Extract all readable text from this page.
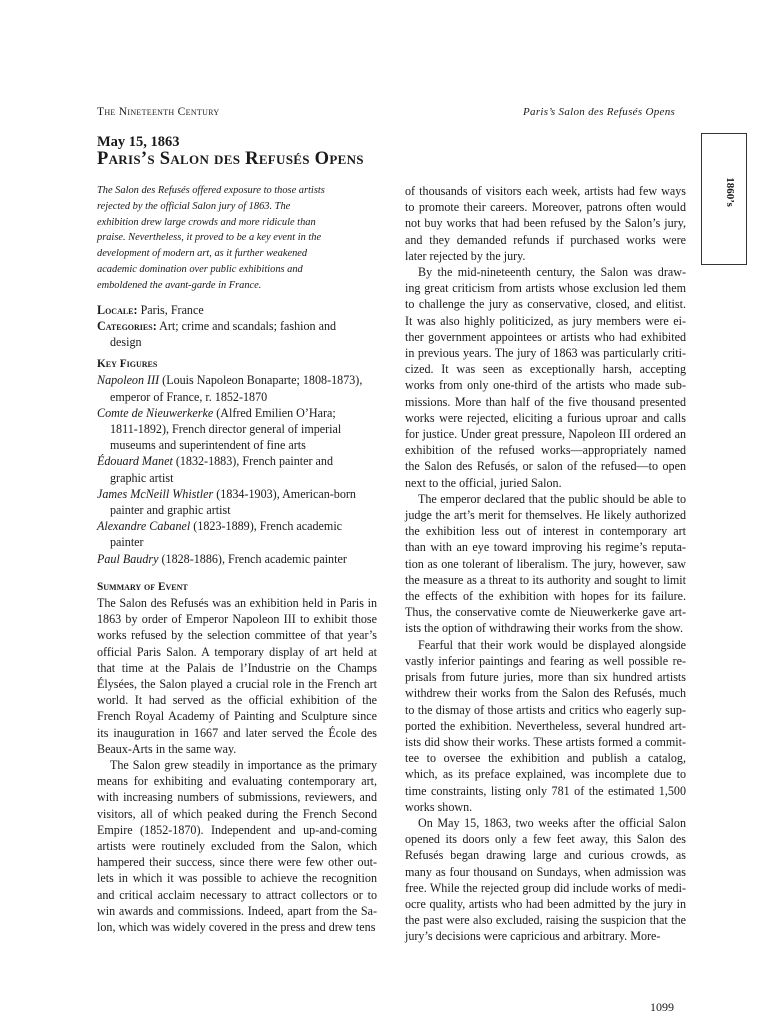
The Nineteenth Century	Paris’s Salon des Refusés Opens
1860’s
May 15, 1863
Paris’s Salon des Refusés Opens
The Salon des Refusés offered exposure to those artists
rejected by the official Salon jury of 1863. The
exhibition drew large crowds and more ridicule than
praise. Nevertheless, it proved to be a key event in the
development of modern art, as it further weakened
academic domination over public exhibitions and
emboldened the avant-garde in France.
Locale: Paris, France
Categories: Art; crime and scandals; fashion and
design
Key Figures
Napoleon III (Louis Napoleon Bonaparte; 1808-1873),
emperor of France, r. 1852-1870
Comte de Nieuwerkerke (Alfred Emilien O’Hara;
1811-1892), French director general of imperial
museums and superintendent of fine arts
Édouard Manet (1832-1883), French painter and
graphic artist
James McNeill Whistler (1834-1903), American-born
painter and graphic artist
Alexandre Cabanel (1823-1889), French academic
painter
Paul Baudry (1828-1886), French academic painter
Summary of Event
The Salon des Refusés was an exhibition held in Paris in
1863 by order of Emperor Napoleon III to exhibit those
works refused by the selection committee of that year’s
official Paris Salon. A temporary display of art held at
that time at the Palais de l’Industrie on the Champs
Élysées, the Salon played a crucial role in the French art
world. It had served as the official exhibition of the
French Royal Academy of Painting and Sculpture since
its inauguration in 1667 and later served the École des
Beaux-Arts in the same way.
The Salon grew steadily in importance as the primary
means for exhibiting and evaluating contemporary art,
with increasing numbers of submissions, reviewers, and
visitors, all of which peaked during the French Second
Empire (1852-1870). Independent and up-and-coming
artists were routinely excluded from the Salon, which
hampered their success, since there were few other out-
lets in which it was possible to achieve the recognition
and critical acclaim necessary to attract collectors or to
win awards and commissions. Indeed, apart from the Sa-
lon, which was widely covered in the press and drew tens
of thousands of visitors each week, artists had few ways
to promote their careers. Moreover, patrons often would
not buy works that had been refused by the Salon’s jury,
and they demanded refunds if purchased works were
later rejected by the jury.
By the mid-nineteenth century, the Salon was draw-
ing great criticism from artists whose exclusion led them
to challenge the jury as conservative, closed, and elitist.
It was also highly politicized, as jury members were ei-
ther government appointees or artists who had exhibited
in previous years. The jury of 1863 was particularly criti-
cized. It was seen as exceptionally harsh, accepting
works from only one-third of the artists who made sub-
missions. More than half of the five thousand presented
works were rejected, eliciting a furious uproar and calls
for justice. Under great pressure, Napoleon III ordered an
exhibition of the refused works—appropriately named
the Salon des Refusés, or salon of the refused—to open
next to the official, juried Salon.
The emperor declared that the public should be able to
judge the art’s merit for themselves. He likely authorized
the exhibition less out of interest in contemporary art
than with an eye toward improving his regime’s reputa-
tion as one tolerant of liberalism. The jury, however, saw
the measure as a threat to its authority and sought to limit
the effects of the exhibition with hopes for its failure.
Thus, the conservative comte de Nieuwerkerke gave art-
ists the option of withdrawing their works from the show.
Fearful that their work would be displayed alongside
vastly inferior paintings and fearing as well possible re-
prisals from future juries, more than six hundred artists
withdrew their works from the Salon des Refusés, much
to the dismay of those artists and critics who eagerly sup-
ported the exhibition. Nevertheless, several hundred art-
ists did show their works. These artists formed a commit-
tee to oversee the exhibition and publish a catalog,
which, as its preface explained, was incomplete due to
time constraints, listing only 781 of the estimated 1,500
works shown.
On May 15, 1863, two weeks after the official Salon
opened its doors only a few feet away, this Salon des
Refusés began drawing large and curious crowds, as
many as four thousand on Sundays, when admission was
free. While the rejected group did include works of medi-
ocre quality, artists who had been admitted by the jury in
the past were also excluded, raising the suspicion that the
jury’s decisions were capricious and arbitrary. More-
1099
